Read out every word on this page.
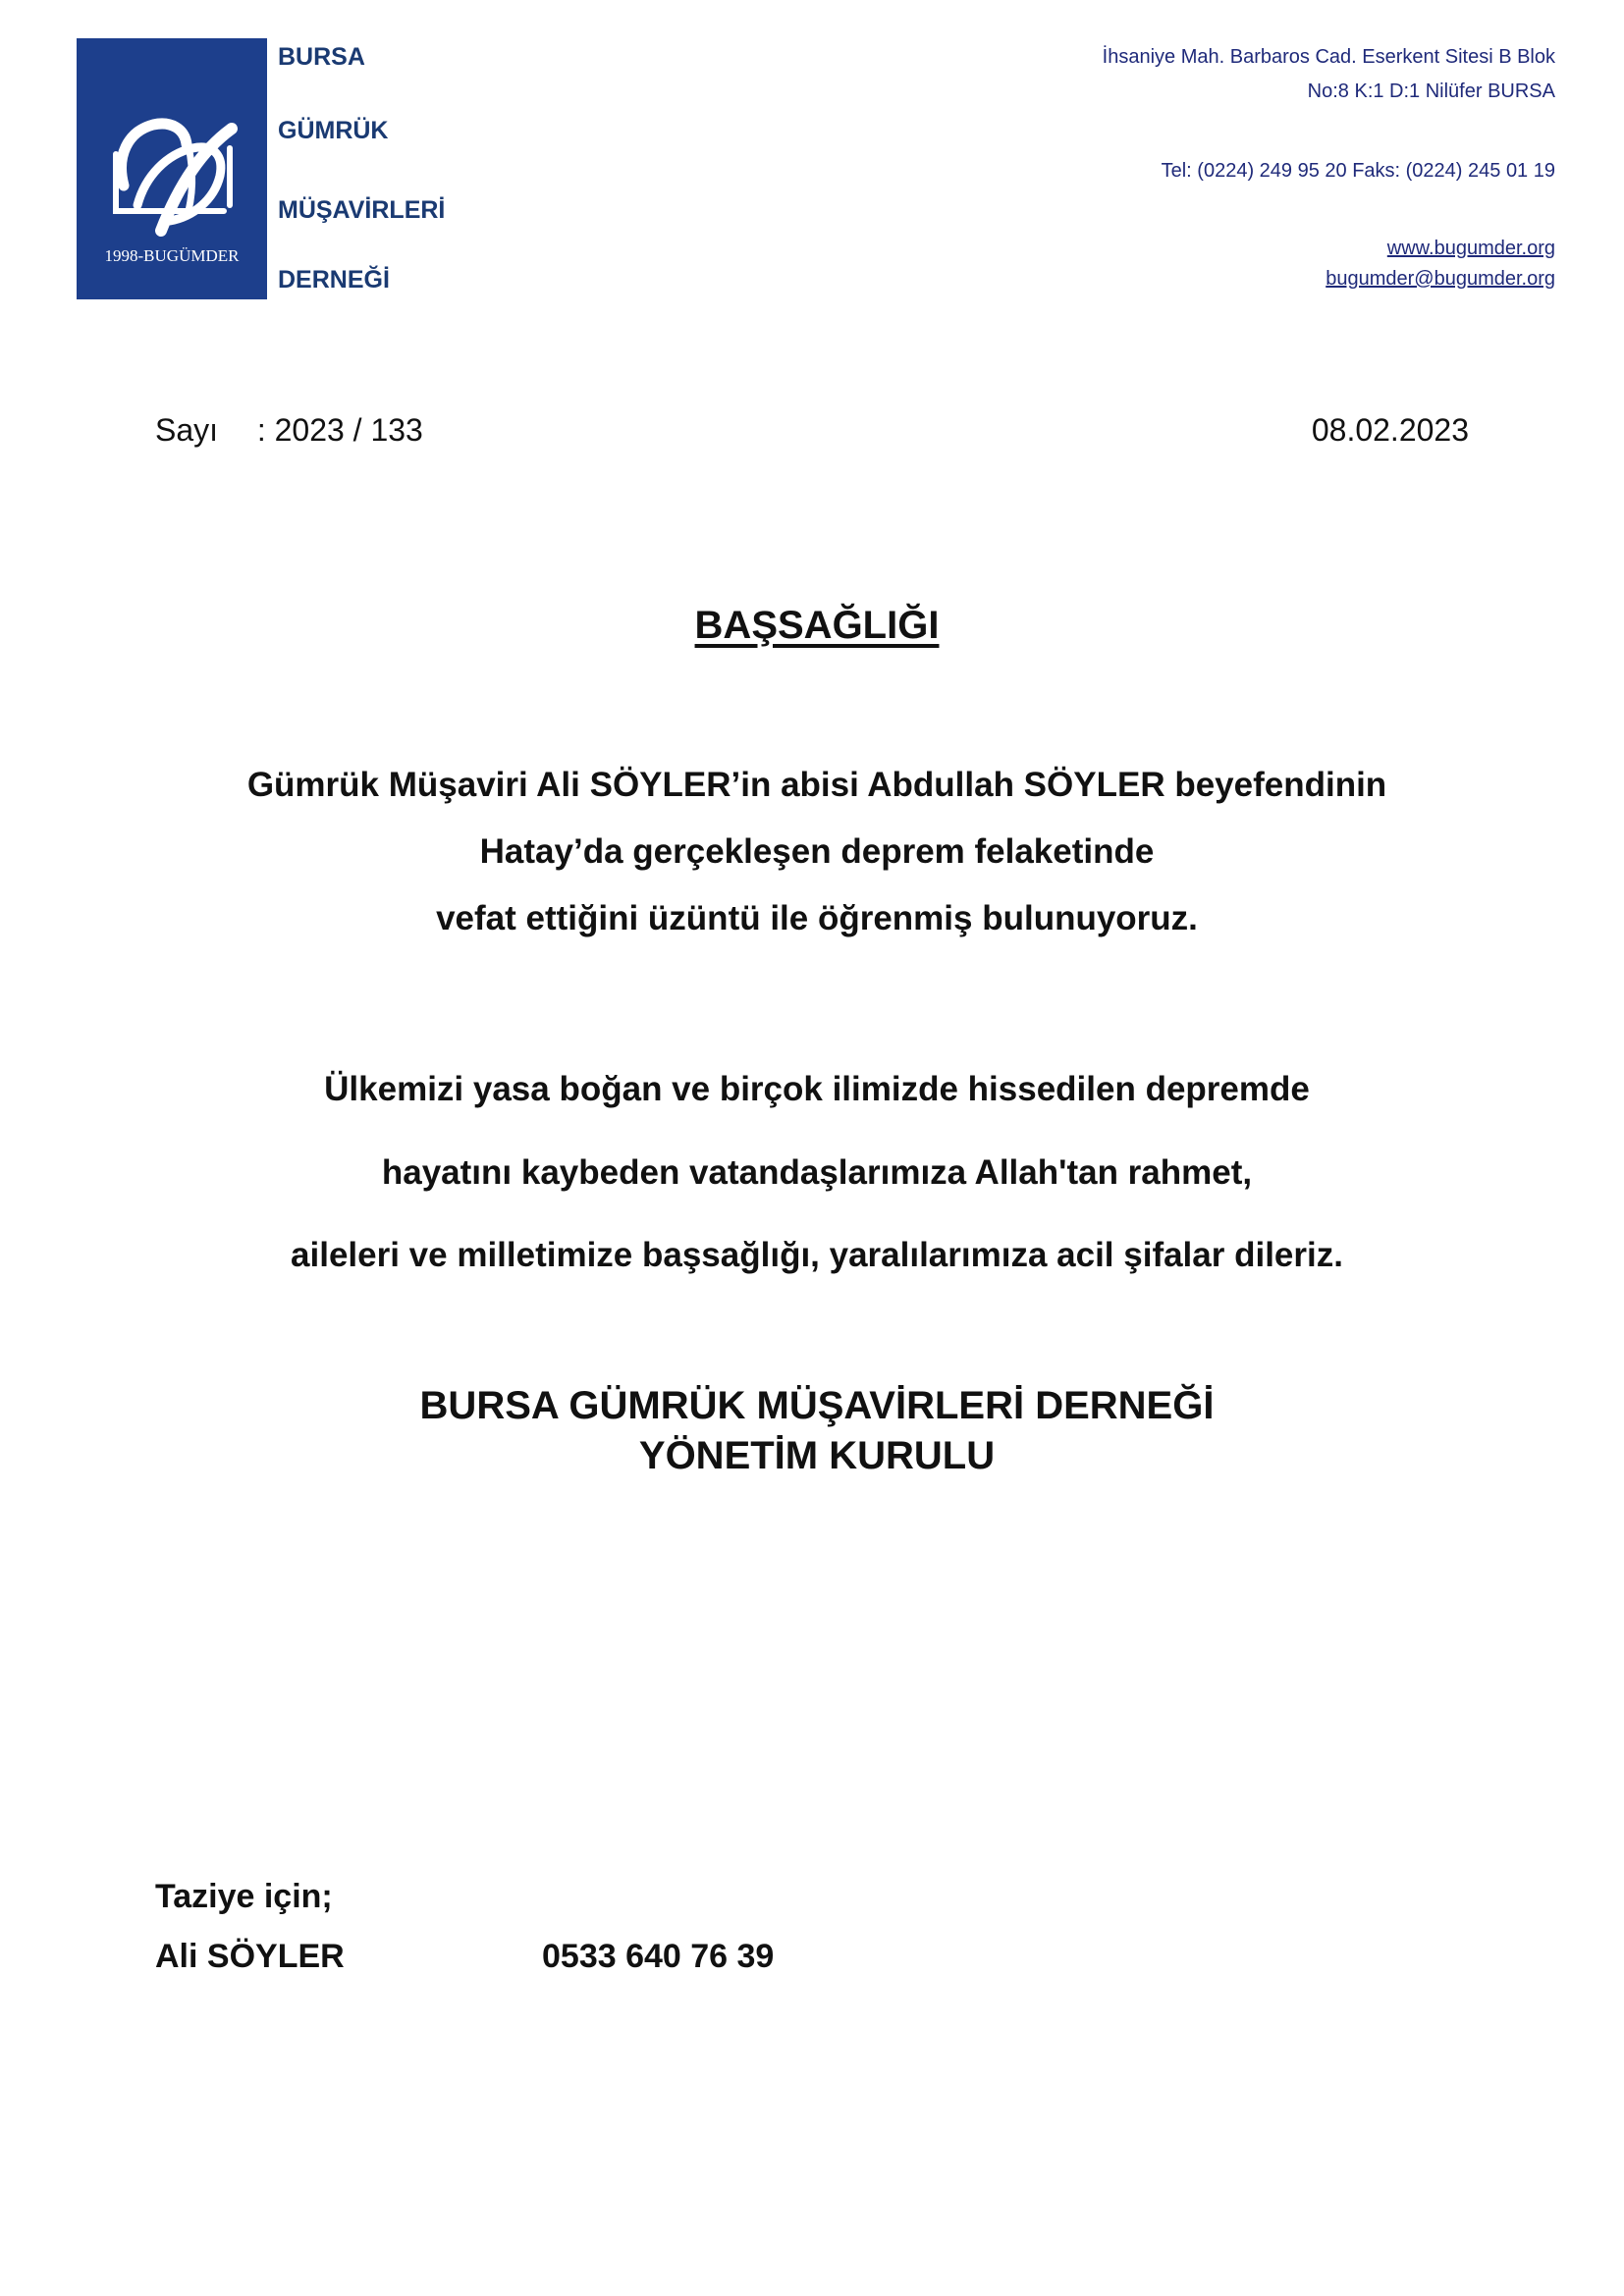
1998-BUGÜMDER
BURSA
GÜMRÜK
MÜŞAVİRLERİ
DERNEĞİ
İhsaniye Mah. Barbaros Cad. Eserkent Sitesi B Blok
No:8 K:1 D:1 Nilüfer BURSA
Tel: (0224) 249 95 20 Faks: (0224) 245 01 19
www.bugumder.org
bugumder@bugumder.org
Sayı : 2023 / 133	08.02.2023
BAŞSAĞLIĞI
Gümrük Müşaviri Ali SÖYLER’in abisi Abdullah SÖYLER beyefendinin
Hatay’da gerçekleşen deprem felaketinde
vefat ettiğini üzüntü ile öğrenmiş bulunuyoruz.
Ülkemizi yasa boğan ve birçok ilimizde hissedilen depremde
hayatını kaybeden vatandaşlarımıza Allah'tan rahmet,
aileleri ve milletimize başsağlığı, yaralılarımıza acil şifalar dileriz.
BURSA GÜMRÜK MÜŞAVİRLERİ DERNEĞİ
YÖNETİM KURULU
Taziye için;
Ali SÖYLER	0533 640 76 39
